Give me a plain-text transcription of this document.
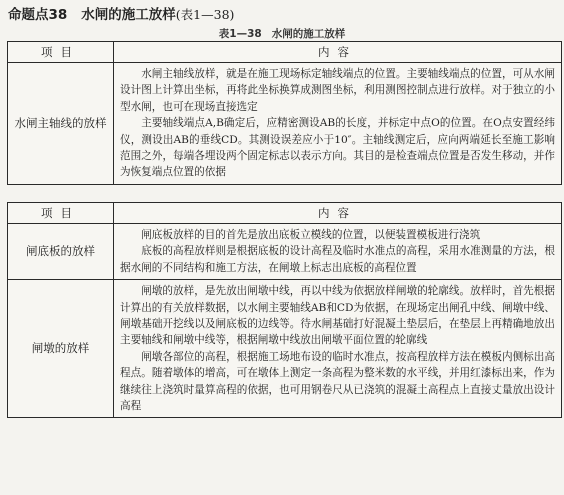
命题点38 水闸的施工放样(表1—38)
表1—38 水闸的施工放样
项目	内容
水闸主轴线的放样	水闸主轴线放样，就是在施工现场标定轴线端点的位置。主要轴线端点的位置，可从水闸设计图上计算出坐标，再将此坐标换算成测图坐标，利用测图控制点进行放样。对于独立的小型水闸，也可在现场直接选定

主要轴线端点A,B确定后，应精密测设AB的长度，并标定中点O的位置。在O点安置经纬仪，测设出AB的垂线CD。其测设误差应小于10″。主轴线测定后，应向两端延长至施工影响范围之外，每端各埋设两个固定标志以表示方向。其目的是检查端点位置是否发生移动，并作为恢复端点位置的依据

项目	内容
闸底板的放样	闸底板放样的目的首先是放出底板立模线的位置，以便装置模板进行浇筑

底板的高程放样则是根据底板的设计高程及临时水准点的高程，采用水准测量的方法，根据水闸的不同结构和施工方法，在闸墩上标志出底板的高程位置

闸墩的放样	闸墩的放样，是先放出闸墩中线，再以中线为依据放样闸墩的轮廓线。放样时，首先根据计算出的有关放样数据，以水闸主要轴线AB和CD为依据，在现场定出闸孔中线、闸墩中线、闸墩基础开挖线以及闸底板的边线等。待水闸基础打好混凝土垫层后，在垫层上再精确地放出主要轴线和闸墩中线等，根据闸墩中线放出闸墩平面位置的轮廓线

闸墩各部位的高程，根据施工场地布设的临时水准点，按高程放样方法在模板内侧标出高程点。随着墩体的增高，可在墩体上测定一条高程为整米数的水平线，并用红漆标出来，作为继续往上浇筑时量算高程的依据，也可用钢卷尺从已浇筑的混凝土高程点上直接丈量放出设计高程
